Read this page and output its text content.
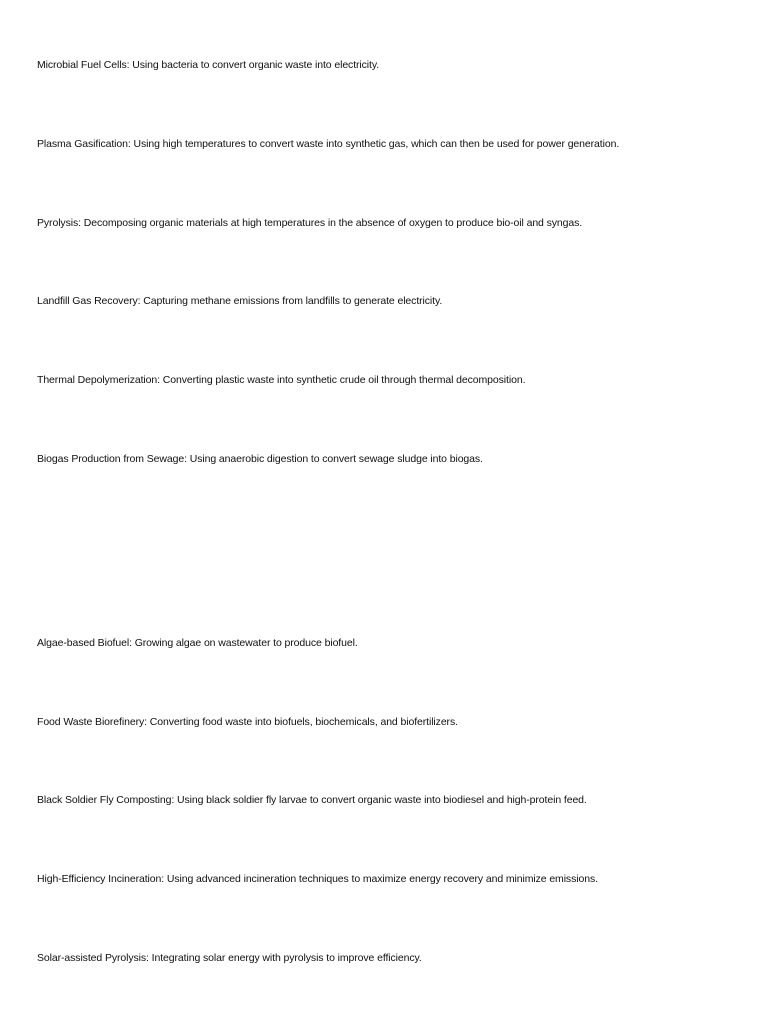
Microbial Fuel Cells: Using bacteria to convert organic waste into electricity.

Plasma Gasification: Using high temperatures to convert waste into synthetic gas, which can then be used for power generation.

Pyrolysis: Decomposing organic materials at high temperatures in the absence of oxygen to produce bio-oil and syngas.

Landfill Gas Recovery: Capturing methane emissions from landfills to generate electricity.

Thermal Depolymerization: Converting plastic waste into synthetic crude oil through thermal decomposition.

Biogas Production from Sewage: Using anaerobic digestion to convert sewage sludge into biogas.

Algae-based Biofuel: Growing algae on wastewater to produce biofuel.

Food Waste Biorefinery: Converting food waste into biofuels, biochemicals, and biofertilizers.

Black Soldier Fly Composting: Using black soldier fly larvae to convert organic waste into biodiesel and high-protein feed.

High-Efficiency Incineration: Using advanced incineration techniques to maximize energy recovery and minimize emissions.

Solar-assisted Pyrolysis: Integrating solar energy with pyrolysis to improve efficiency.
